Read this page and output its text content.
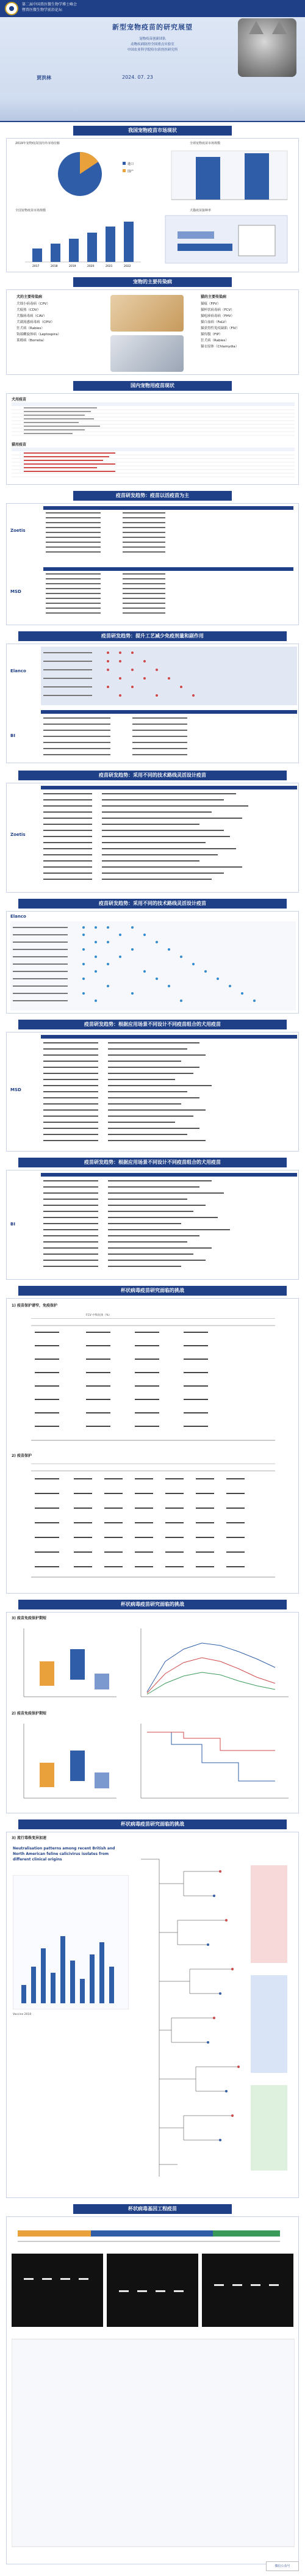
第二届中国兽医微生物学博士峰会
暨兽医微生物学前沿论坛
新型宠物疫苗的研究展望
宠物疫苗创新团队
动物疾病防控全国重点实验室
中国农业科学院哈尔滨兽医研究所
贾洪林	2024. 07. 23
我国宠物疫苗市场现状
2019年宠物疫苗国内外市场份额
进口
国产
全球宠物疫苗市场规模
全国宠物疫苗市场规模
2017	2018	2019	2020	2021	2022
犬猫疫苗接种率
宠物的主要传染病
犬的主要传染病
犬细小病毒病（CPV）
犬瘟热（CDV）
犬腺病毒病（CAV）
犬副流感病毒病（CPIV）
狂犬病（Rabies）
钩端螺旋体病（Leptospira）
莱姆病（Borrelia）
猫的主要传染病
猫瘟（FPV）
猫杯状病毒病（FCV）
猫疱疹病毒病（FHV）
猫白血病（FeLV）
猫获得性免疫缺陷（FIV）
猫传腹（FIP）
狂犬病（Rabies）
猫衣原体（Chlamydia）
国内宠物用疫苗现状
犬用疫苗
猫用疫苗
疫苗研发趋势：疫苗以活疫苗为主
Zoetis
MSD
疫苗研发趋势：提升工艺减少免疫剂量和副作用
Elanco
BI
疫苗研发趋势：采用不同的技术路线灵活设计疫苗
Zoetis
疫苗研发趋势：采用不同的技术路线灵活设计疫苗
Elanco
疫苗研发趋势：根据应用场景不同设计不同疫苗组合的犬用疫苗
MSD
疫苗研发趋势：根据应用场景不同设计不同疫苗组合的犬用疫苗
BI
杯状病毒疫苗研究面临的挑战
1) 疫苗保护谱窄，免疫保护
FCV 中和抗体（%）
2) 疫苗保护
杯状病毒疫苗研究面临的挑战
3) 疫苗免疫保护期短
2) 疫苗免疫保护期短
杯状病毒疫苗研究面临的挑战
3) 流行毒株变异加速
Neutralisation patterns among recent British and North American feline calicivirus isolates from different clinical origins
Vaccine 2010
杯状病毒基因工程疫苗
微信公众号
